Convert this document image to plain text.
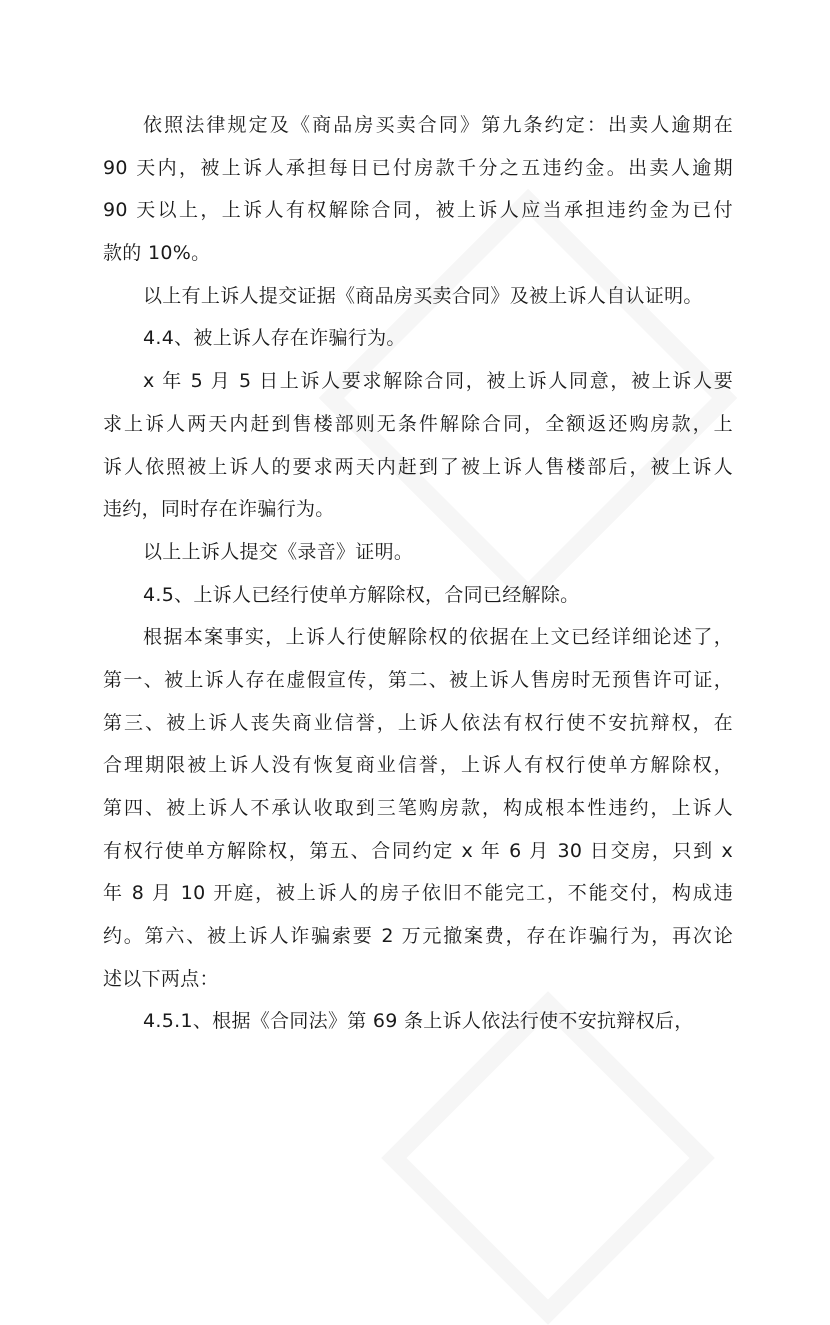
依照法律规定及《商品房买卖合同》第九条约定：出卖人逾期在
90 天内，被上诉人承担每日已付房款千分之五违约金。出卖人逾期
90 天以上，上诉人有权解除合同，被上诉人应当承担违约金为已付
款的 10%。
以上有上诉人提交证据《商品房买卖合同》及被上诉人自认证明。
4.4、被上诉人存在诈骗行为。
x 年 5 月 5 日上诉人要求解除合同，被上诉人同意，被上诉人要
求上诉人两天内赶到售楼部则无条件解除合同，全额返还购房款，上
诉人依照被上诉人的要求两天内赶到了被上诉人售楼部后，被上诉人
违约，同时存在诈骗行为。
以上上诉人提交《录音》证明。
4.5、上诉人已经行使单方解除权，合同已经解除。
根据本案事实，上诉人行使解除权的依据在上文已经详细论述了，
第一、被上诉人存在虚假宣传，第二、被上诉人售房时无预售许可证，
第三、被上诉人丧失商业信誉，上诉人依法有权行使不安抗辩权，在
合理期限被上诉人没有恢复商业信誉，上诉人有权行使单方解除权，
第四、被上诉人不承认收取到三笔购房款，构成根本性违约，上诉人
有权行使单方解除权，第五、合同约定 x 年 6 月 30 日交房，只到 x
年 8 月 10 开庭，被上诉人的房子依旧不能完工，不能交付，构成违
约。第六、被上诉人诈骗索要 2 万元撤案费，存在诈骗行为，再次论
述以下两点：
4.5.1、根据《合同法》第 69 条上诉人依法行使不安抗辩权后，
